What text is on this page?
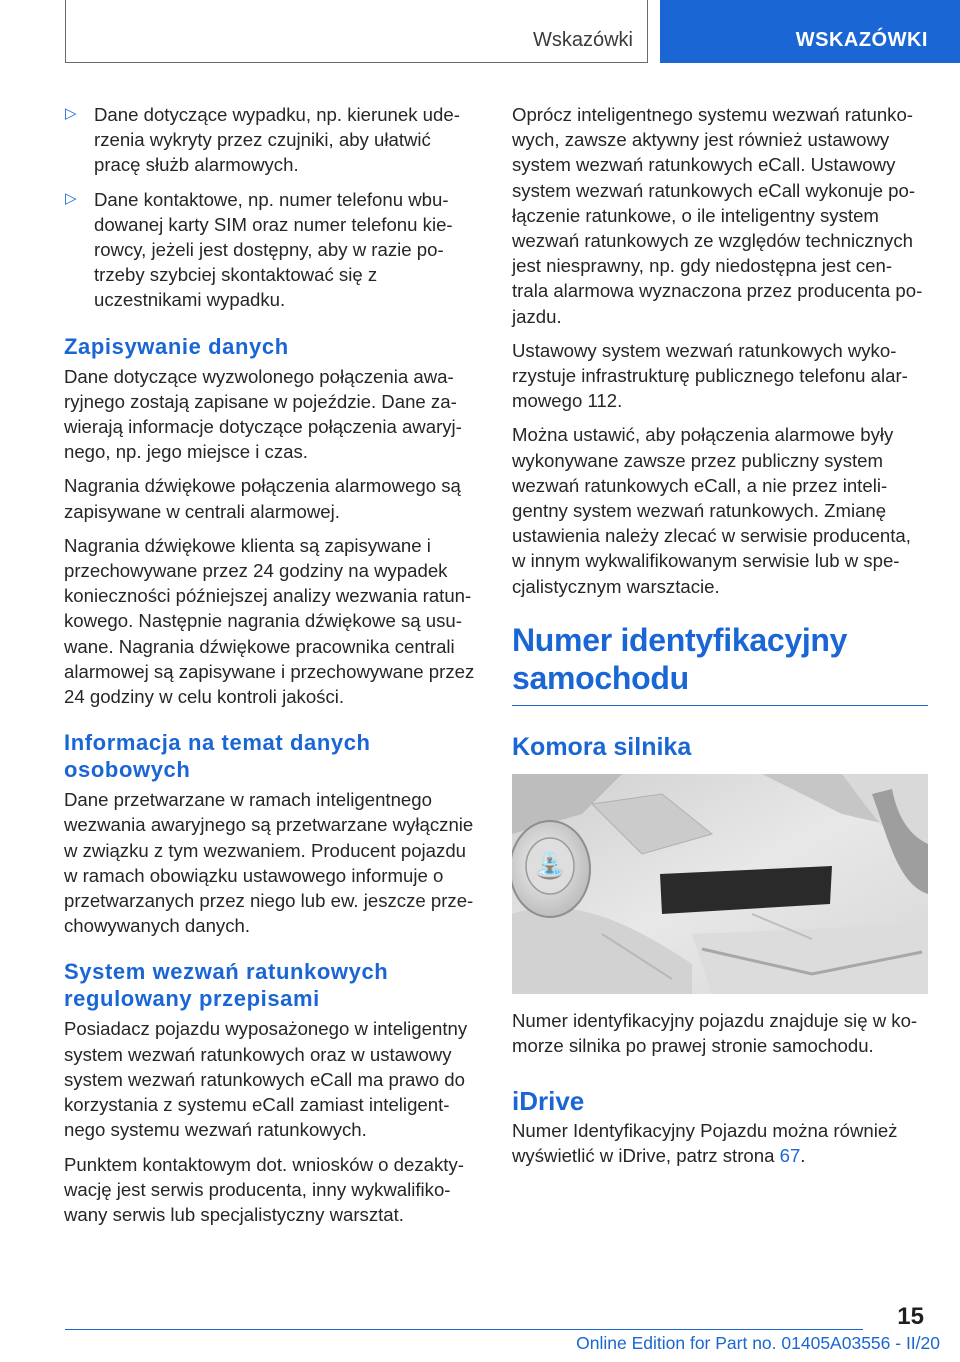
Wskazówki	WSKAZÓWKI
▷ Dane dotyczące wypadku, np. kierunek ude‐ rzenia wykryty przez czujniki, aby ułatwić pracę służb alarmowych.

▷ Dane kontaktowe, np. numer telefonu wbu‐ dowanej karty SIM oraz numer telefonu kie‐ rowcy, jeżeli jest dostępny, aby w razie po‐ trzeby szybciej skontaktować się z uczestnikami wypadku.

Zapisywanie danych

Dane dotyczące wyzwolonego połączenia awa‐ ryjnego zostają zapisane w pojeździe. Dane za‐ wierają informacje dotyczące połączenia awaryj‐ nego, np. jego miejsce i czas.

Nagrania dźwiękowe połączenia alarmowego są zapisywane w centrali alarmowej.

Nagrania dźwiękowe klienta są zapisywane i przechowywane przez 24 godziny na wypadek konieczności późniejszej analizy wezwania ratun‐ kowego. Następnie nagrania dźwiękowe są usu‐ wane. Nagrania dźwiękowe pracownika centrali alarmowej są zapisywane i przechowywane przez 24 godziny w celu kontroli jakości.

Informacja na temat danych osobowych

Dane przetwarzane w ramach inteligentnego wezwania awaryjnego są przetwarzane wyłącznie w związku z tym wezwaniem. Producent pojazdu w ramach obowiązku ustawowego informuje o przetwarzanych przez niego lub ew. jeszcze prze‐ chowywanych danych.

System wezwań ratunkowych regulowany przepisami

Posiadacz pojazdu wyposażonego w inteligentny system wezwań ratunkowych oraz w ustawowy system wezwań ratunkowych eCall ma prawo do korzystania z systemu eCall zamiast inteligent‐ nego systemu wezwań ratunkowych.

Punktem kontaktowym dot. wniosków o dezakty‐ wację jest serwis producenta, inny wykwalifiko‐ wany serwis lub specjalistyczny warsztat.

Oprócz inteligentnego systemu wezwań ratunko‐ wych, zawsze aktywny jest również ustawowy system wezwań ratunkowych eCall. Ustawowy system wezwań ratunkowych eCall wykonuje po‐ łączenie ratunkowe, o ile inteligentny system wezwań ratunkowych ze względów technicznych jest niesprawny, np. gdy niedostępna jest cen‐ trala alarmowa wyznaczona przez producenta po‐ jazdu.

Ustawowy system wezwań ratunkowych wyko‐ rzystuje infrastrukturę publicznego telefonu alar‐ mowego 112.

Można ustawić, aby połączenia alarmowe były wykonywane zawsze przez publiczny system wezwań ratunkowych eCall, a nie przez inteli‐ gentny system wezwań ratunkowych. Zmianę ustawienia należy zlecać w serwisie producenta, w innym wykwalifikowanym serwisie lub w spe‐ cjalistycznym warsztacie.

Numer identyfikacyjny samochodu
Komora silnika
⛲

Numer identyfikacyjny pojazdu znajduje się w ko‐ morze silnika po prawej stronie samochodu.

iDrive

Numer Identyfikacyjny Pojazdu można również wyświetlić w iDrive, patrz strona 67.

15
Online Edition for Part no. 01405A03556 - II/20
